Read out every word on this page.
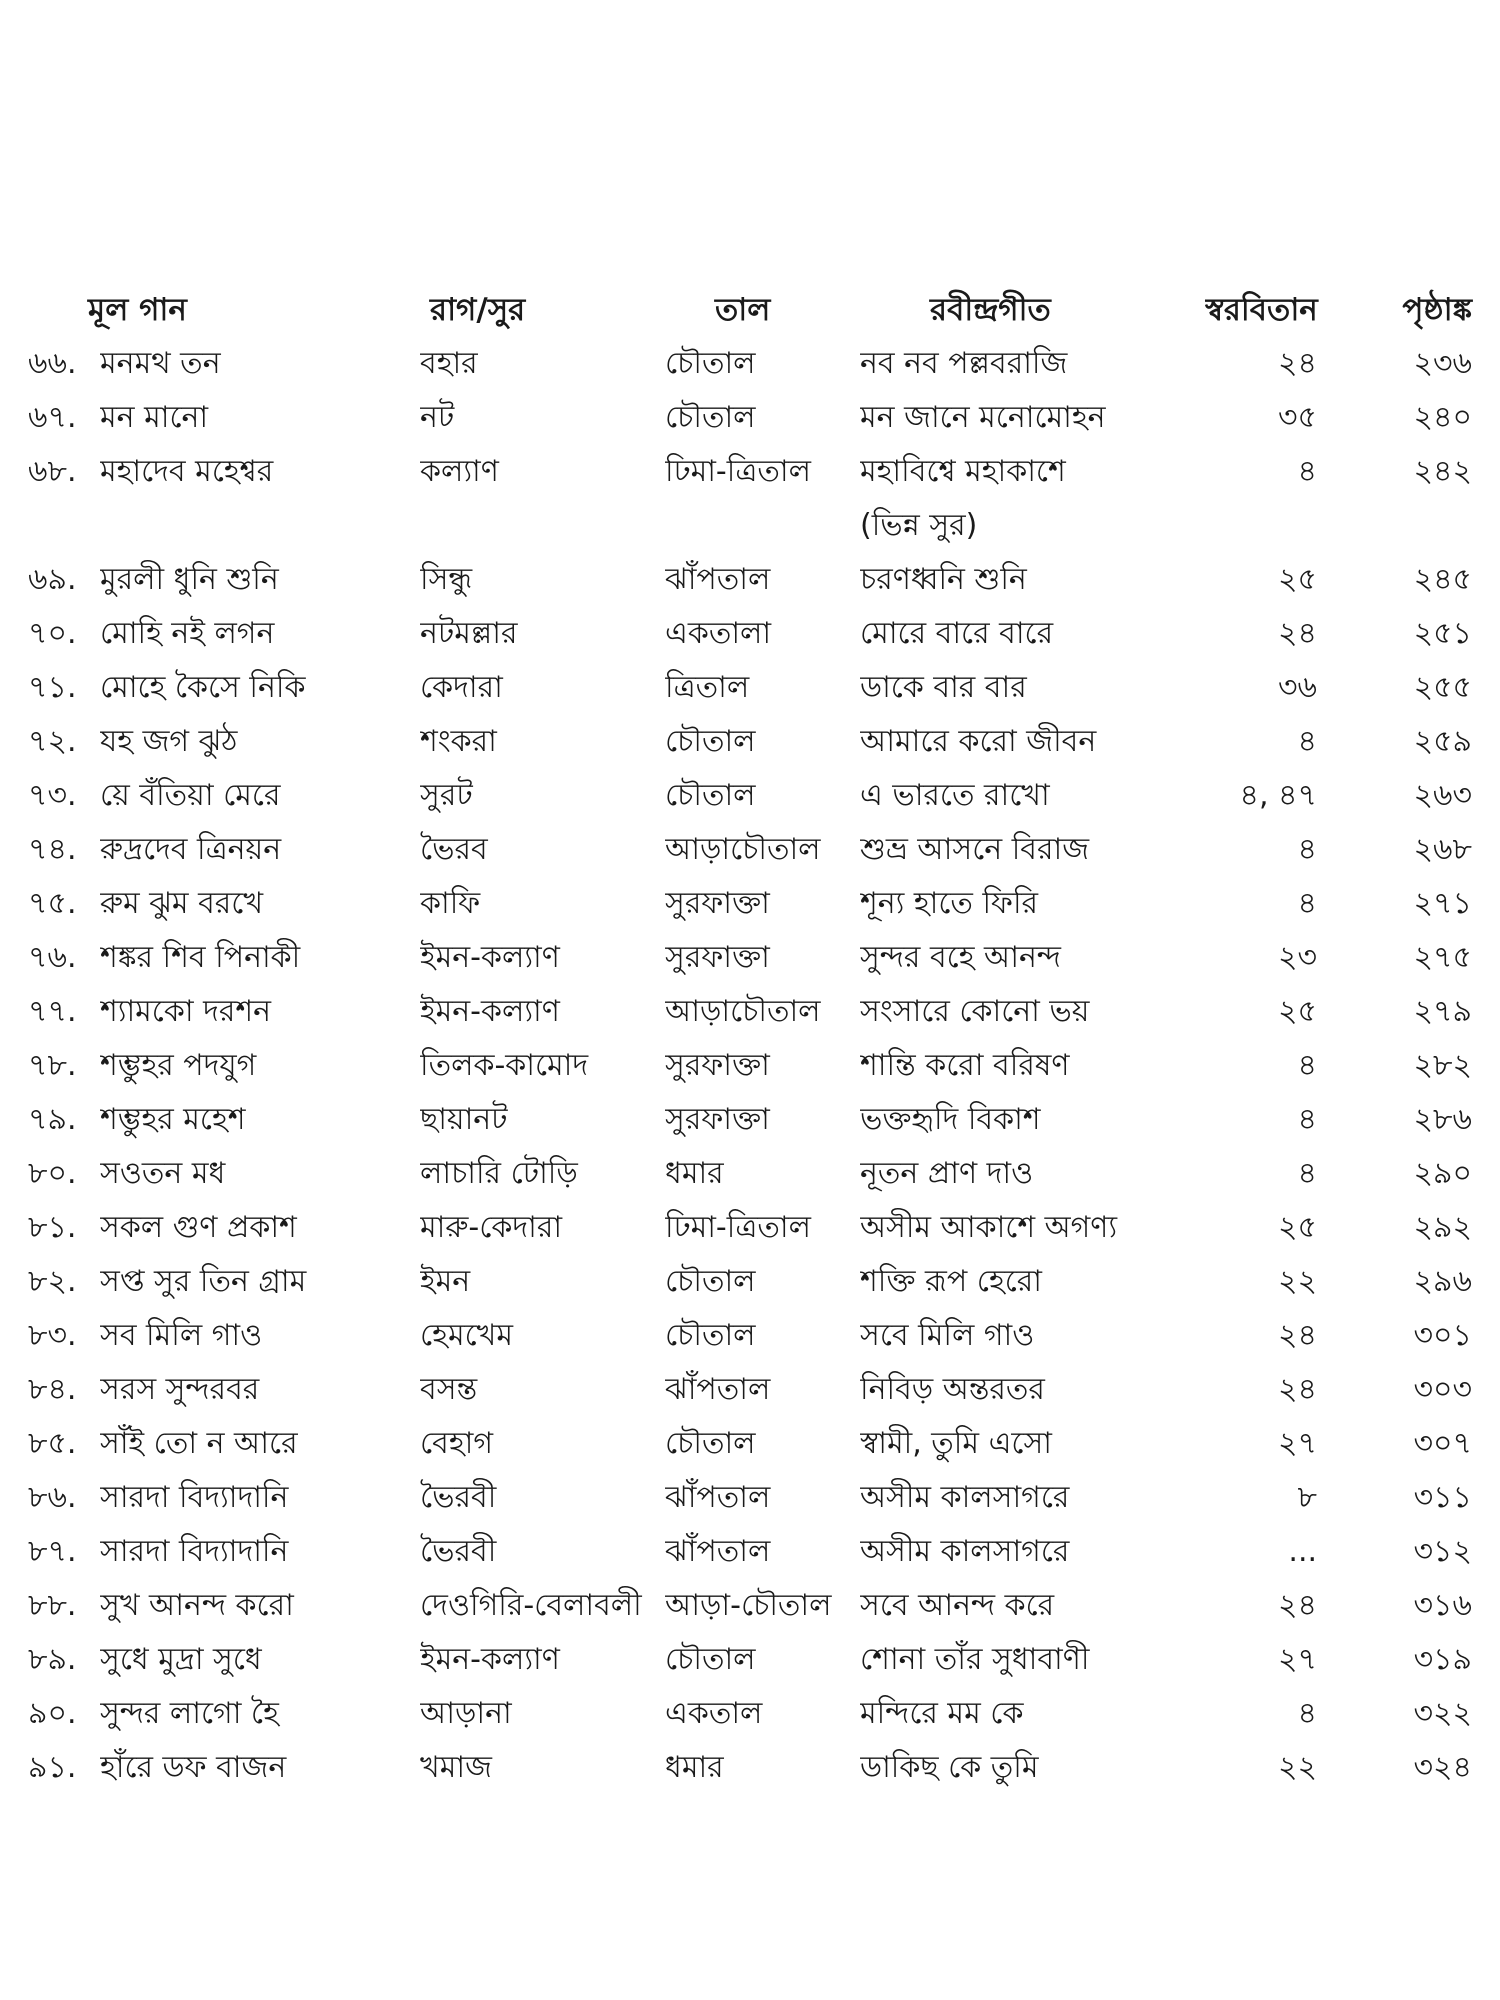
মূল গান		রাগ/সুর	তাল	রবীন্দ্রগীত	স্বরবিতান	পৃষ্ঠাঙ্ক
৬৬.	মনমথ তন	বহার	চৌতাল	নব নব পল্লবরাজি	২৪	২৩৬
৬৭.	মন মানো	নট	চৌতাল	মন জানে মনোমোহন	৩৫	২৪০
৬৮.	মহাদেব মহেশ্বর	কল্যাণ	ঢিমা-ত্রিতাল	মহাবিশ্বে মহাকাশে	৪	২৪২
				(ভিন্ন সুর)		
৬৯.	মুরলী ধুনি শুনি	সিন্ধু	ঝাঁপতাল	চরণধ্বনি শুনি	২৫	২৪৫
৭০.	মোহি নই লগন	নটমল্লার	একতালা	মোরে বারে বারে	২৪	২৫১
৭১.	মোহে কৈসে নিকি	কেদারা	ত্রিতাল	ডাকে বার বার	৩৬	২৫৫
৭২.	যহ জগ ঝুঠ	শংকরা	চৌতাল	আমারে করো জীবন	৪	২৫৯
৭৩.	য়ে বঁতিয়া মেরে	সুরট	চৌতাল	এ ভারতে রাখো	৪, ৪৭	২৬৩
৭৪.	রুদ্রদেব ত্রিনয়ন	ভৈরব	আড়াচৌতাল	শুভ্র আসনে বিরাজ	৪	২৬৮
৭৫.	রুম ঝুম বরখে	কাফি	সুরফাক্তা	শূন্য হাতে ফিরি	৪	২৭১
৭৬.	শঙ্কর শিব পিনাকী	ইমন-কল্যাণ	সুরফাক্তা	সুন্দর বহে আনন্দ	২৩	২৭৫
৭৭.	শ্যামকো দরশন	ইমন-কল্যাণ	আড়াচৌতাল	সংসারে কোনো ভয়	২৫	২৭৯
৭৮.	শম্ভুহর পদযুগ	তিলক-কামোদ	সুরফাক্তা	শান্তি করো বরিষণ	৪	২৮২
৭৯.	শম্ভুহর মহেশ	ছায়ানট	সুরফাক্তা	ভক্তহৃদি বিকাশ	৪	২৮৬
৮০.	সওতন মধ	লাচারি টোড়ি	ধমার	নূতন প্রাণ দাও	৪	২৯০
৮১.	সকল গুণ প্রকাশ	মারু-কেদারা	ঢিমা-ত্রিতাল	অসীম আকাশে অগণ্য	২৫	২৯২
৮২.	সপ্ত সুর তিন গ্রাম	ইমন	চৌতাল	শক্তি রূপ হেরো	২২	২৯৬
৮৩.	সব মিলি গাও	হেমখেম	চৌতাল	সবে মিলি গাও	২৪	৩০১
৮৪.	সরস সুন্দরবর	বসন্ত	ঝাঁপতাল	নিবিড় অন্তরতর	২৪	৩০৩
৮৫.	সাঁই তো ন আরে	বেহাগ	চৌতাল	স্বামী, তুমি এসো	২৭	৩০৭
৮৬.	সারদা বিদ্যাদানি	ভৈরবী	ঝাঁপতাল	অসীম কালসাগরে	৮	৩১১
৮৭.	সারদা বিদ্যাদানি	ভৈরবী	ঝাঁপতাল	অসীম কালসাগরে	...	৩১২
৮৮.	সুখ আনন্দ করো	দেওগিরি-বেলাবলী	আড়া-চৌতাল	সবে আনন্দ করে	২৪	৩১৬
৮৯.	সুধে মুদ্রা সুধে	ইমন-কল্যাণ	চৌতাল	শোনা তাঁর সুধাবাণী	২৭	৩১৯
৯০.	সুন্দর লাগো হৈ	আড়ানা	একতাল	মন্দিরে মম কে	৪	৩২২
৯১.	হাঁরে ডফ বাজন	খমাজ	ধমার	ডাকিছ কে তুমি	২২	৩২৪
